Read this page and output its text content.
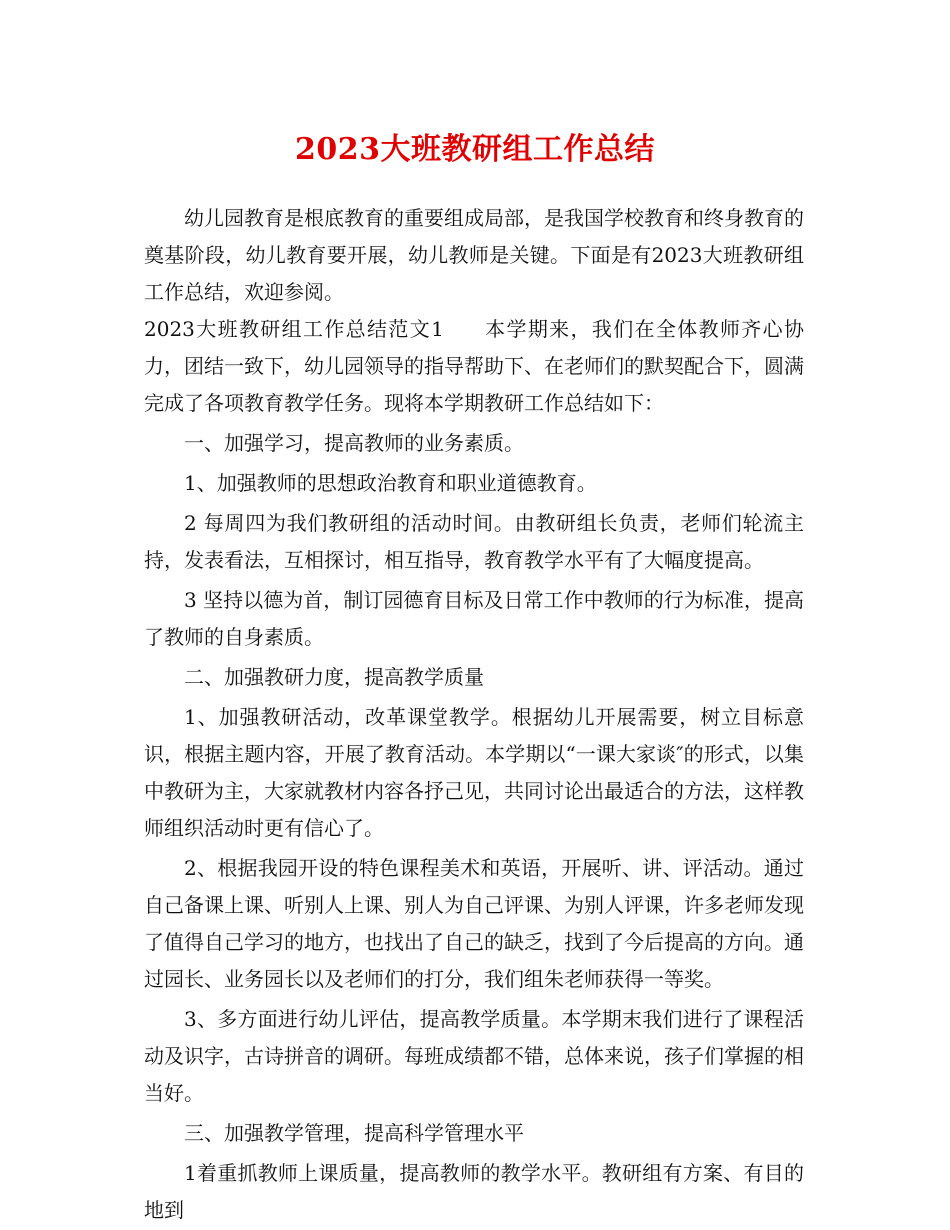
2023大班教研组工作总结

幼儿园教育是根底教育的重要组成局部，是我国学校教育和终身教育的奠基阶段，幼儿教育要开展，幼儿教师是关键。下面是有2023大班教研组工作总结，欢迎参阅。

2023大班教研组工作总结范文1 本学期来，我们在全体教师齐心协力，团结一致下，幼儿园领导的指导帮助下、在老师们的默契配合下，圆满完成了各项教育教学任务。现将本学期教研工作总结如下：

一、加强学习，提高教师的业务素质。

1、加强教师的思想政治教育和职业道德教育。

2 每周四为我们教研组的活动时间。由教研组长负责，老师们轮流主持，发表看法，互相探讨，相互指导，教育教学水平有了大幅度提高。

3 坚持以德为首，制订园德育目标及日常工作中教师的行为标准，提高了教师的自身素质。

二、加强教研力度，提高教学质量

1、加强教研活动，改革课堂教学。根据幼儿开展需要，树立目标意识，根据主题内容，开展了教育活动。本学期以“一课大家谈″的形式，以集中教研为主，大家就教材内容各抒己见，共同讨论出最适合的方法，这样教师组织活动时更有信心了。

2、根据我园开设的特色课程美术和英语，开展听、讲、评活动。通过自己备课上课、听别人上课、别人为自己评课、为别人评课，许多老师发现了值得自己学习的地方，也找出了自己的缺乏，找到了今后提高的方向。通过园长、业务园长以及老师们的打分，我们组朱老师获得一等奖。

3、多方面进行幼儿评估，提高教学质量。本学期末我们进行了课程活动及识字，古诗拼音的调研。每班成绩都不错，总体来说，孩子们掌握的相当好。

三、加强教学管理，提高科学管理水平

1着重抓教师上课质量，提高教师的教学水平。教研组有方案、有目的地到
